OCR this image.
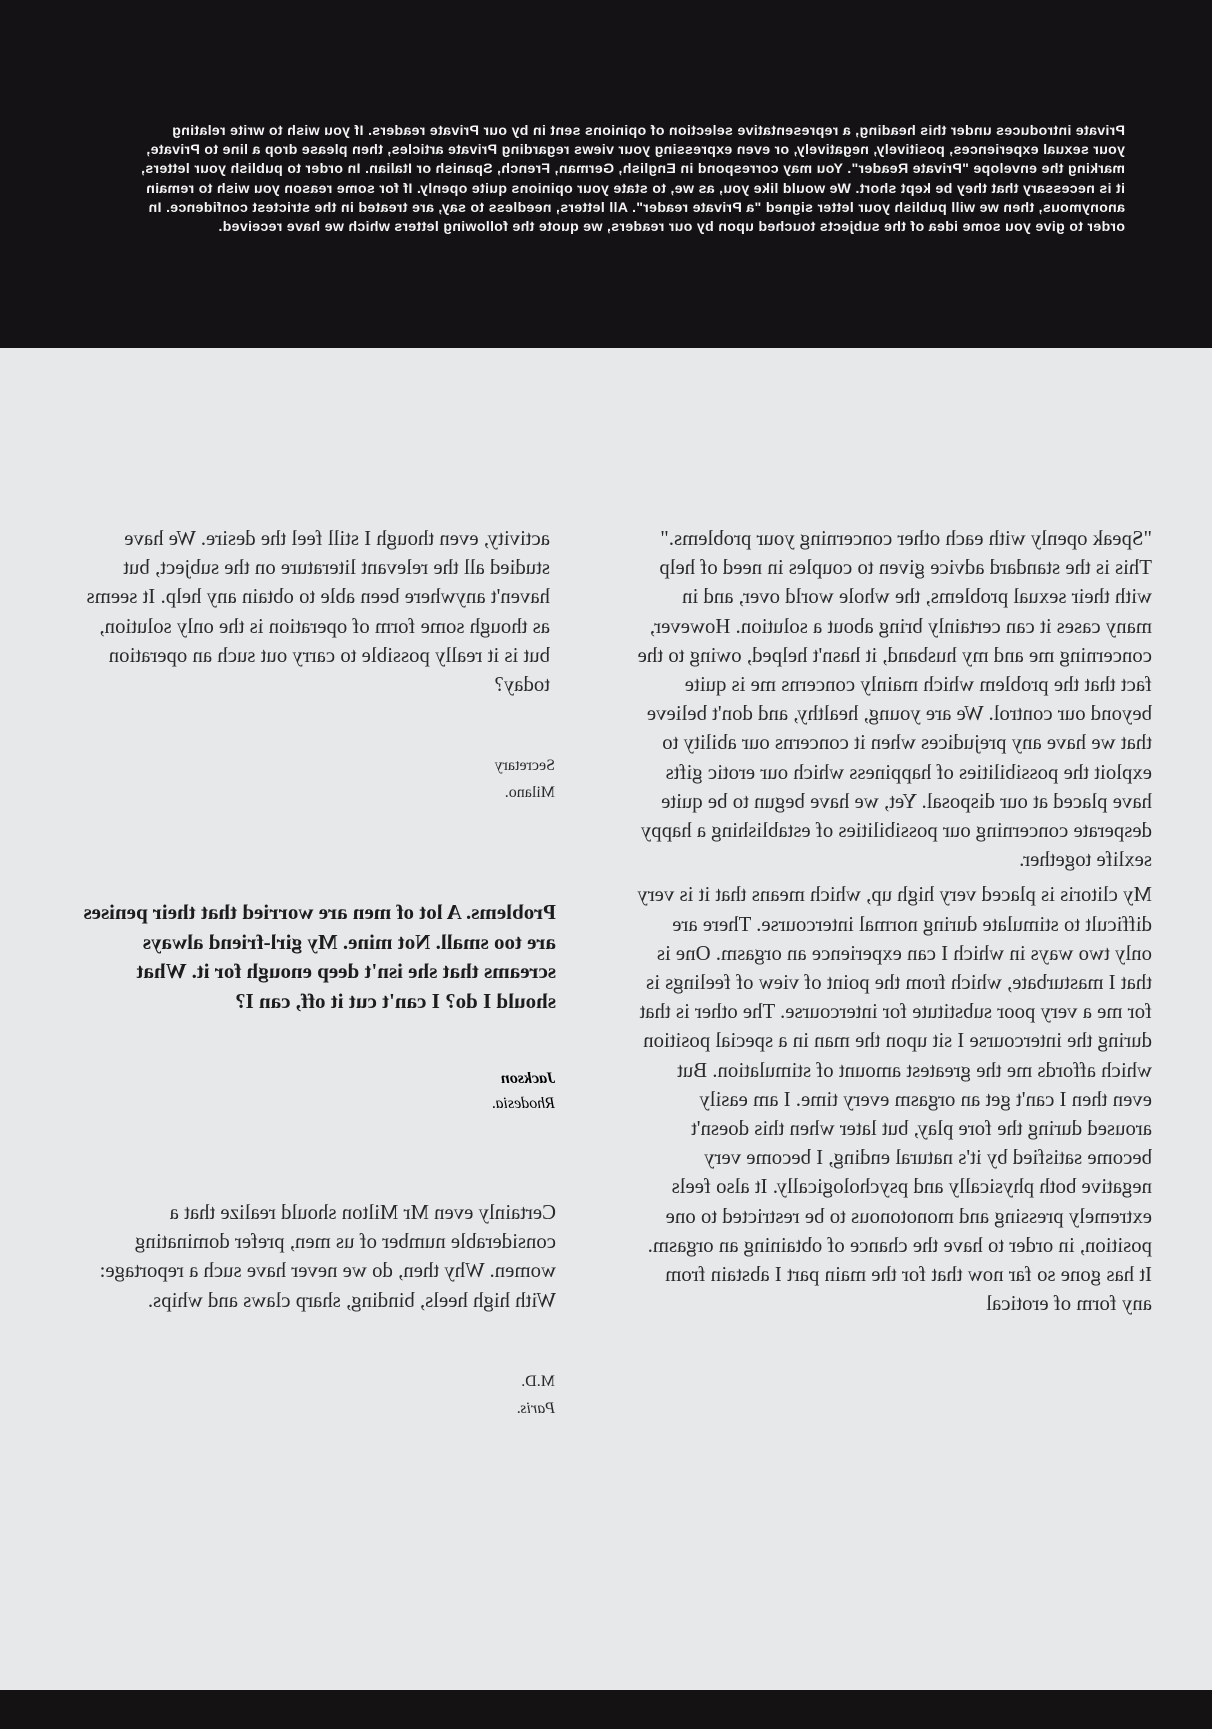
Private introduces under this heading, a representative selection of opinions sent in by our Private readers. If you wish to write relating your sexual experiences, positively, negatively, or even expressing your views regarding Private articles, then please drop a line to Private, marking the envelope "Private Reader". You may correspond in English, German, French, Spanish or Italian. In order to publish your letters, it is necessary that they be kept short. We would like you, as we, to state your opinions quite openly. If for some reason you wish to remain anonymous, then we will publish your letter signed "a Private reader". All letters, needless to say, are treated in the strictest confidence. In order to give you some idea of the subjects touched upon by our readers, we quote the following letters which we have received.

"Speak openly with each other concerning your problems." This is the standard advice given to couples in need of help with their sexual problems, the whole world over, and in many cases it can certainly bring about a solution. However, concerning me and my husband, it hasn't helped, owing to the fact that the problem which mainly concerns me is quite beyond our control. We are young, healthy, and don't believe that we have any prejudices when it concerns our ability to exploit the possibilities of happiness which our erotic gifts have placed at our disposal. Yet, we have begun to be quite desperate concerning our possibilities of establishing a happy sexlife together.

My clitoris is placed very high up, which means that it is very difficult to stimulate during normal intercourse. There are only two ways in which I can experience an orgasm. One is that I masturbate, which from the point of view of feelings is for me a very poor substitute for intercourse. The other is that during the intercourse I sit upon the man in a special position which affords me the greatest amount of stimulation. But even then I can't get an orgasm every time. I am easily aroused during the fore play, but later when this doesn't become satisfied by it's natural ending, I become very negative both physically and psychologically. It also feels extremely pressing and monotonous to be restricted to one position, in order to have the chance of obtaining an orgasm.

It has gone so far now that for the main part I abstain from any form of erotical

activity, even though I still feel the desire. We have studied all the relevant literature on the subject, but haven't anywhere been able to obtain any help. It seems as though some form of operation is the only solution, but is it really possible to carry out such an operation today?

Secretary

Milano.

Problems. A lot of men are worried that their penises are too small. Not mine. My girl-friend always screams that she isn't deep enough for it. What should I do? I can't cut it off, can I?

Jackson

Rhodesia.

Certainly even Mr Milton should realize that a considerable number of us men, prefer dominating women. Why then, do we never have such a reportage: With high heels, binding, sharp claws and whips.

M.D.

Paris.
